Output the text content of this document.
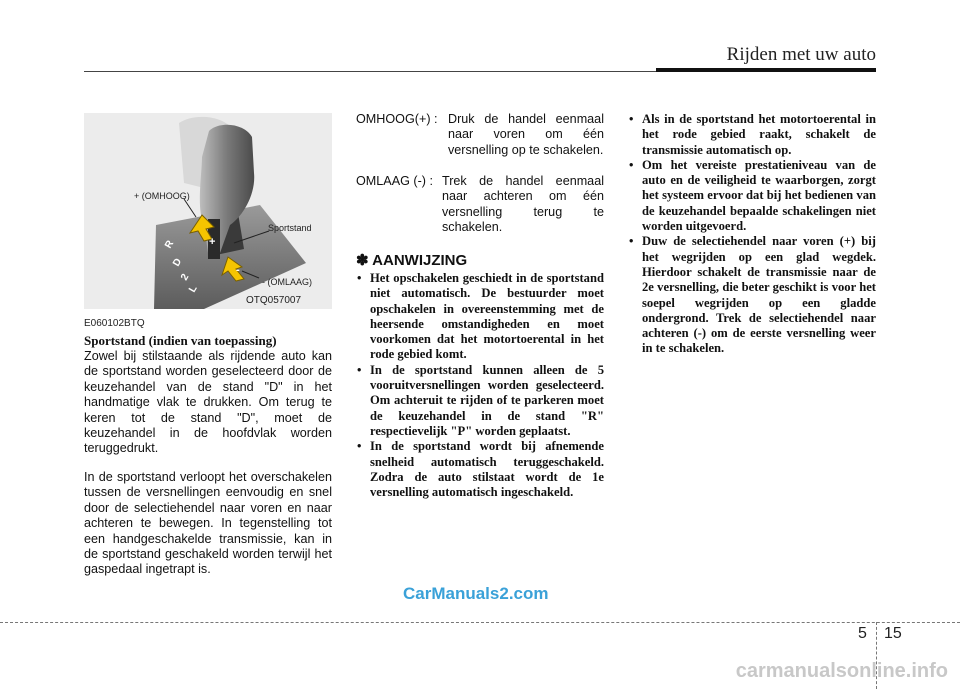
Rijden met uw auto
+
-
R
D
2
L
+ (OMHOOG)
Sportstand
- (OMLAAG)
OTQ057007
E060102BTQ
Sportstand (indien van toepassing)

Zowel bij stilstaande als rijdende auto kan de sportstand worden geselecteerd door de keuzehandel van de stand "D" in het handmatige vlak te drukken. Om terug te keren tot de stand "D", moet de keuzehandel in de hoofdvlak worden teruggedrukt.

In de sportstand verloopt het overschakelen tussen de versnellingen eenvoudig en snel door de selectiehendel naar voren en naar achteren te bewegen. In tegenstelling tot een handgeschakelde transmissie, kan in de sportstand geschakeld worden terwijl het gaspedaal ingetrapt is.

OMHOOG(+) : Druk de handel eenmaal naar voren om één versnelling op te schakelen.
OMLAAG (-) : Trek de handel eenmaal naar achteren om één versnelling terug te schakelen.
✽ AANWIJZING
• Het opschakelen geschiedt in de sportstand niet automatisch. De bestuurder moet opschakelen in overeenstemming met de heersende omstandigheden en moet voorkomen dat het motortoerental in het rode gebied komt.
• In de sportstand kunnen alleen de 5 vooruitversnellingen worden geselecteerd. Om achteruit te rijden of te parkeren moet de keuzehandel in de stand "R" respectievelijk "P" worden geplaatst.
• In de sportstand wordt bij afnemende snelheid automatisch teruggeschakeld. Zodra de auto stilstaat wordt de 1e versnelling automatisch ingeschakeld.
• Als in de sportstand het motortoerental in het rode gebied raakt, schakelt de transmissie automatisch op.
• Om het vereiste prestatieniveau van de auto en de veiligheid te waarborgen, zorgt het systeem ervoor dat bij het bedienen van de keuzehandel bepaalde schakelingen niet worden uitgevoerd.
• Duw de selectiehendel naar voren (+) bij het wegrijden op een glad wegdek. Hierdoor schakelt de transmissie naar de 2e versnelling, die beter geschikt is voor het soepel wegrijden op een gladde ondergrond. Trek de selectiehendel naar achteren (-) om de eerste versnelling weer in te schakelen.
CarManuals2.com
5 15
carmanualsonline.info
